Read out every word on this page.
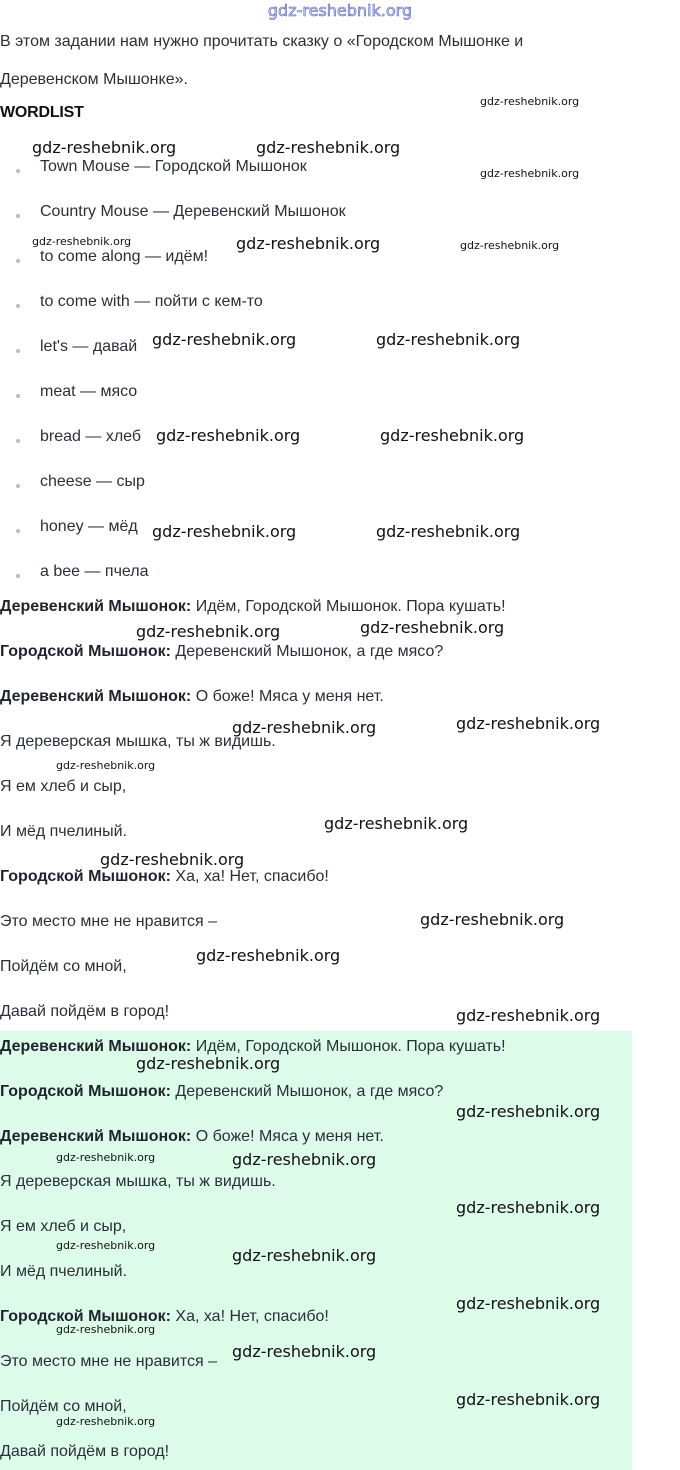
gdz-reshebnik.org
В этом задании нам нужно прочитать сказку о «Городском Мышонке и
Деревенском Мышонке».
WORDLIST
Town Mouse — Городской Мышонок
Country Mouse — Деревенский Мышонок
to come along — идём!
to come with — пойти с кем-то
let's — давай
meat — мясо
bread — хлеб
cheese — сыр
honey — мёд
a bee — пчела
Деревенский Мышонок: Идём, Городской Мышонок. Пора кушать!
Городской Мышонок: Деревенский Мышонок, а где мясо?
Деревенский Мышонок: О боже! Мяса у меня нет.
Я дереверская мышка, ты ж видишь.
Я ем хлеб и сыр,
И мёд пчелиный.
Городской Мышонок: Ха, ха! Нет, спасибо!
Это место мне не нравится –
Пойдём со мной,
Давай пойдём в город!
Деревенский Мышонок: Идём, Городской Мышонок. Пора кушать!
Городской Мышонок: Деревенский Мышонок, а где мясо?
Деревенский Мышонок: О боже! Мяса у меня нет.
Я дереверская мышка, ты ж видишь.
Я ем хлеб и сыр,
И мёд пчелиный.
Городской Мышонок: Ха, ха! Нет, спасибо!
Это место мне не нравится –
Пойдём со мной,
Давай пойдём в город!
gdz-reshebnik.org	gdz-reshebnik.org
gdz-reshebnik.org
gdz-reshebnik.org	gdz-reshebnik.org
gdz-reshebnik.org	gdz-reshebnik.org
gdz-reshebnik.org	gdz-reshebnik.org
gdz-reshebnik.org	gdz-reshebnik.org
gdz-reshebnik.org	gdz-reshebnik.org
gdz-reshebnik.org
gdz-reshebnik.org
gdz-reshebnik.org
gdz-reshebnik.org
gdz-reshebnik.org
gdz-reshebnik.org
gdz-reshebnik.org
gdz-reshebnik.org
gdz-reshebnik.org
gdz-reshebnik.org
gdz-reshebnik.org
gdz-reshebnik.org
gdz-reshebnik.org
gdz-reshebnik.org
gdz-reshebnik.org
gdz-reshebnik.org	gdz-reshebnik.org
gdz-reshebnik.org
gdz-reshebnik.org
gdz-reshebnik.org
gdz-reshebnik.org
gdz-reshebnik.org
